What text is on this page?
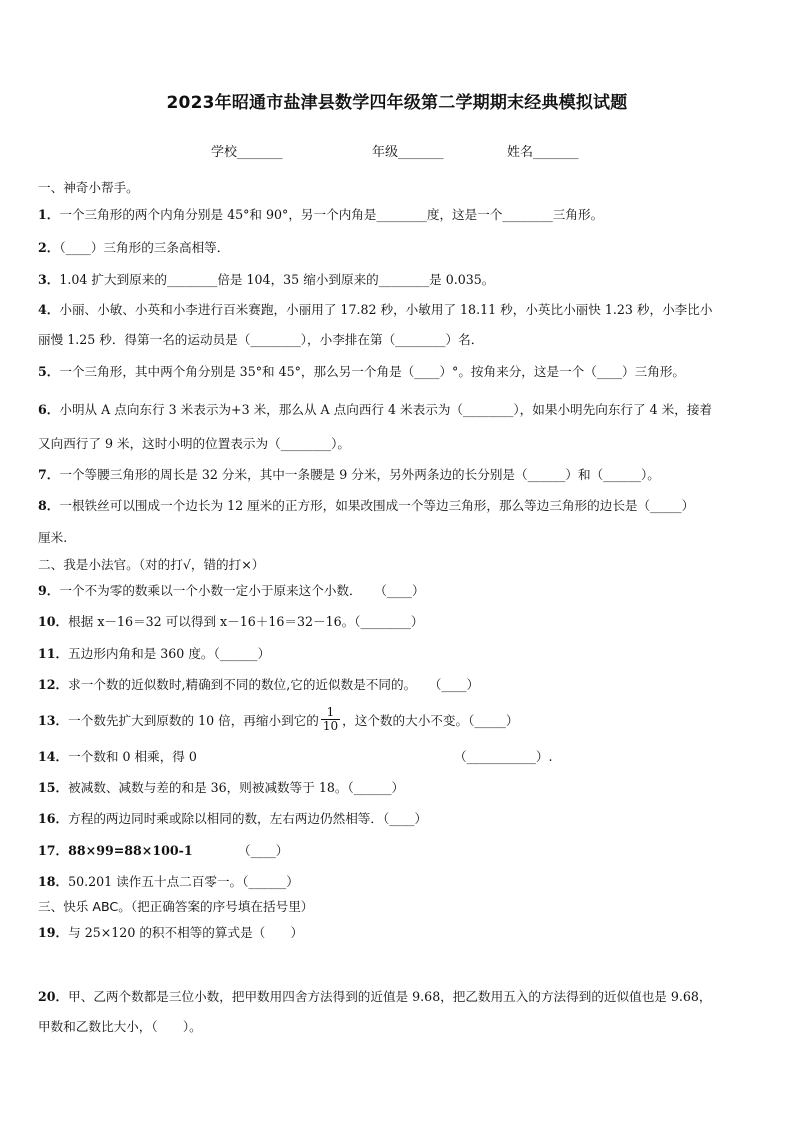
2023年昭通市盐津县数学四年级第二学期期末经典模拟试题
学校_______	年级_______	姓名_______
一、神奇小帮手。
1．一个三角形的两个内角分别是 45°和 90°，另一个内角是________度，这是一个________三角形。
2．（____）三角形的三条高相等．
3．1.04 扩大到原来的________倍是 104，35 缩小到原来的________是 0.035。
4．小丽、小敏、小英和小李进行百米赛跑，小丽用了 17.82 秒，小敏用了 18.11 秒，小英比小丽快 1.23 秒，小李比小
丽慢 1.25 秒．得第一名的运动员是（________），小李排在第（________）名．
5．一个三角形，其中两个角分别是 35°和 45°，那么另一个角是（____）°。按角来分，这是一个（____）三角形。
6．小明从 A 点向东行 3 米表示为+3 米，那么从 A 点向西行 4 米表示为（________），如果小明先向东行了 4 米，接着
又向西行了 9 米，这时小明的位置表示为（________）。
7．一个等腰三角形的周长是 32 分米，其中一条腰是 9 分米，另外两条边的长分别是（______）和（______）。
8．一根铁丝可以围成一个边长为 12 厘米的正方形，如果改围成一个等边三角形，那么等边三角形的边长是（_____）
厘米.
二、我是小法官。（对的打√，错的打×）
9．一个不为零的数乘以一个小数一定小于原来这个小数．　　（____）
10．根据 x－16＝32 可以得到 x－16＋16＝32－16。（________）
11．五边形内角和是 360 度。（______）
12．求一个数的近似数时,精确到不同的数位,它的近似数是不同的。　　（____）
13．一个数先扩大到原数的 10 倍，再缩小到它的 $\frac{1}{10}$ ，这个数的大小不变。（_____）
14．一个数和 0 相乘，得 0	（___________）.
15．被减数、减数与差的和是 36，则被减数等于 18。（______）
16．方程的两边同时乘或除以相同的数，左右两边仍然相等．（____）
17．88×99=88×100-1	（____）
18．50.201 读作五十点二百零一。（______）
三、快乐 ABC。（把正确答案的序号填在括号里）
19．与 25×120 的积不相等的算式是（　　）
20．甲、乙两个数都是三位小数，把甲数用四舍方法得到的近值是 9.68，把乙数用五入的方法得到的近似值也是 9.68，
甲数和乙数比大小，（　　）。
